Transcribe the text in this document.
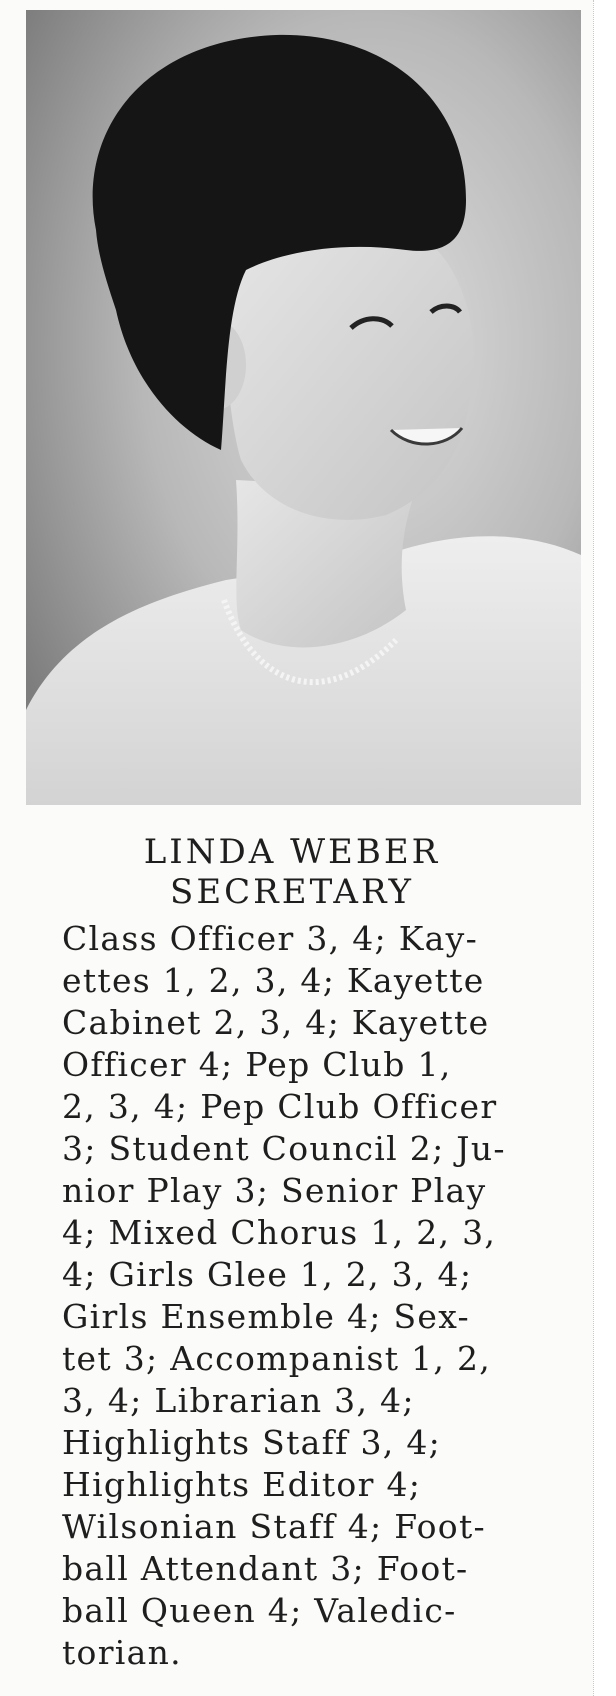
LINDA WEBER
SECRETARY
Class Officer 3, 4; Kay-
ettes 1, 2, 3, 4; Kayette
Cabinet 2, 3, 4; Kayette
Officer 4; Pep Club 1,
2, 3, 4; Pep Club Officer
3; Student Council 2; Ju-
nior Play 3; Senior Play
4; Mixed Chorus 1, 2, 3,
4; Girls Glee 1, 2, 3, 4;
Girls Ensemble 4; Sex-
tet 3; Accompanist 1, 2,
3, 4; Librarian 3, 4;
Highlights Staff 3, 4;
Highlights Editor 4;
Wilsonian Staff 4; Foot-
ball Attendant 3; Foot-
ball Queen 4; Valedic-
torian.
